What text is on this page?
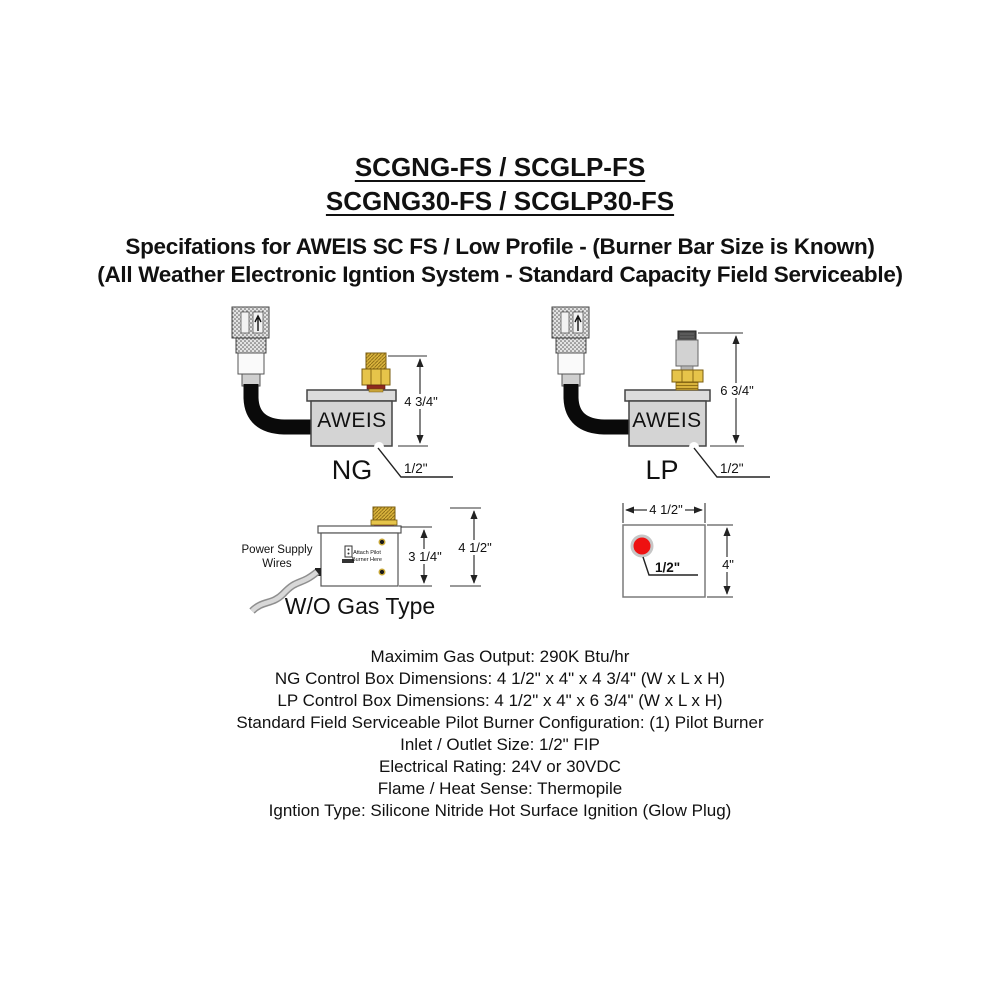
SCGNG-FS / SCGLP-FS
SCGNG30-FS / SCGLP30-FS
Specifations for AWEIS SC FS / Low Profile - (Burner Bar Size is Known)
(All Weather Electronic Igntion System - Standard Capacity Field Serviceable)
AWEIS
4 3/4"
NG 1/2"
AWEIS
6 3/4"
LP	1/2"
Attach Pilot
Burner Here
Power Supply
Wires	3 1/4"
4 1/2"
W/O Gas Type
4 1/2"
4"
1/2"
Maximim Gas Output: 290K Btu/hr
NG Control Box Dimensions: 4 1/2" x 4" x 4 3/4" (W x L x H)
LP Control Box Dimensions: 4 1/2" x 4" x 6 3/4" (W x L x H)
Standard Field Serviceable Pilot Burner Configuration: (1) Pilot Burner
Inlet / Outlet Size: 1/2" FIP
Electrical Rating: 24V or 30VDC
Flame / Heat Sense: Thermopile
Igntion Type: Silicone Nitride Hot Surface Ignition (Glow Plug)
